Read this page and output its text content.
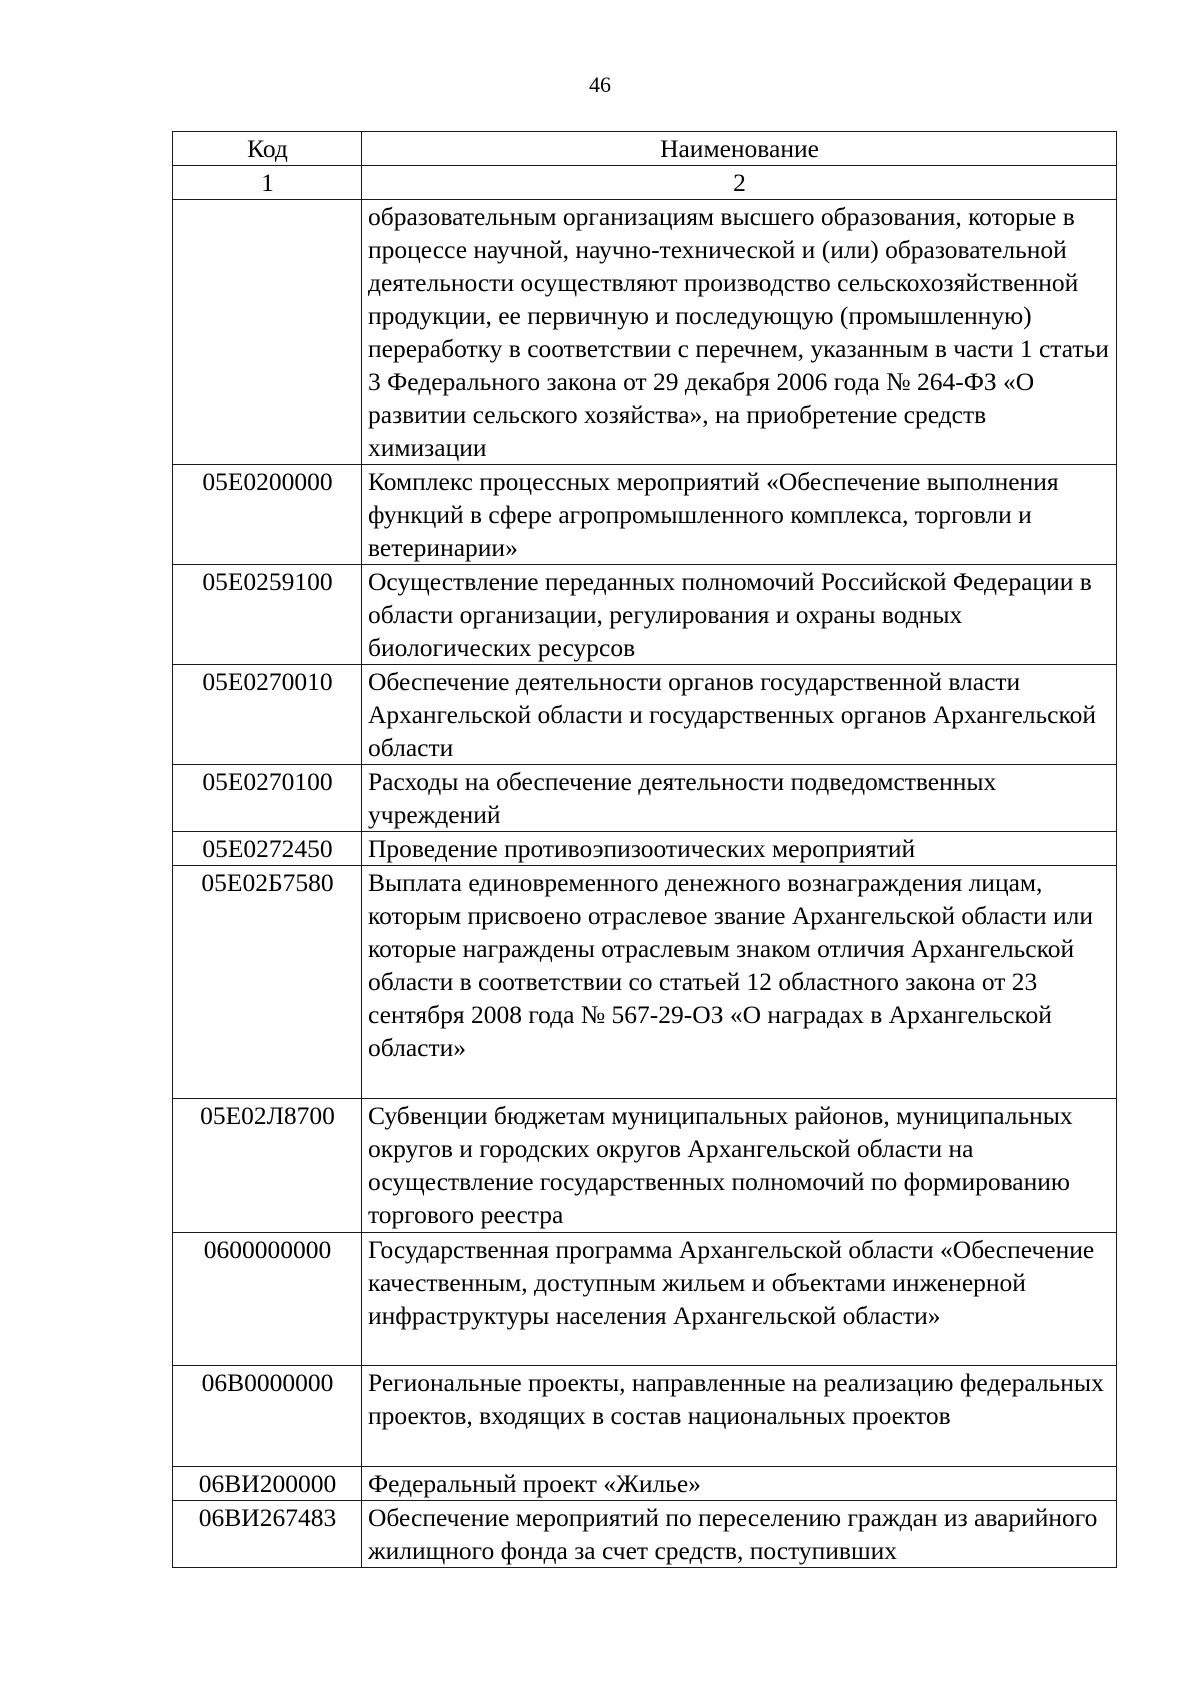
46
Код	Наименование
1	2
	образовательным организациям высшего образования, которые в процессе научной, научно-технической и (или) образовательной деятельности осуществляют производство сельскохозяйственной продукции, ее первичную и последующую (промышленную) переработку в соответствии с перечнем, указанным в части 1 статьи 3 Федерального закона от 29 декабря 2006 года № 264-ФЗ «О развитии сельского хозяйства», на приобретение средств химизации
05Е0200000	Комплекс процессных мероприятий «Обеспечение выполнения функций в сфере агропромышленного комплекса, торговли и ветеринарии»
05Е0259100	Осуществление переданных полномочий Российской Федерации в области организации, регулирования и охраны водных биологических ресурсов
05Е0270010	Обеспечение деятельности органов государственной власти Архангельской области и государственных органов Архангельской области
05Е0270100	Расходы на обеспечение деятельности подведомственных учреждений
05Е0272450	Проведение противоэпизоотических мероприятий
05Е02Б7580	Выплата единовременного денежного вознаграждения лицам, которым присвоено отраслевое звание Архангельской области или которые награждены отраслевым знаком отличия Архангельской области в соответствии со статьей 12 областного закона от 23 сентября 2008 года № 567-29-ОЗ «О наградах в Архангельской области»
05Е02Л8700	Субвенции бюджетам муниципальных районов, муниципальных округов и городских округов Архангельской области на осуществление государственных полномочий по формированию торгового реестра
0600000000	Государственная программа Архангельской области «Обеспечение качественным, доступным жильем и объектами инженерной инфраструктуры населения Архангельской области»
06В0000000	Региональные проекты, направленные на реализацию федеральных проектов, входящих в состав национальных проектов
06ВИ200000	Федеральный проект «Жилье»
06ВИ267483	Обеспечение мероприятий по переселению граждан из аварийного жилищного фонда за счет средств, поступивших
